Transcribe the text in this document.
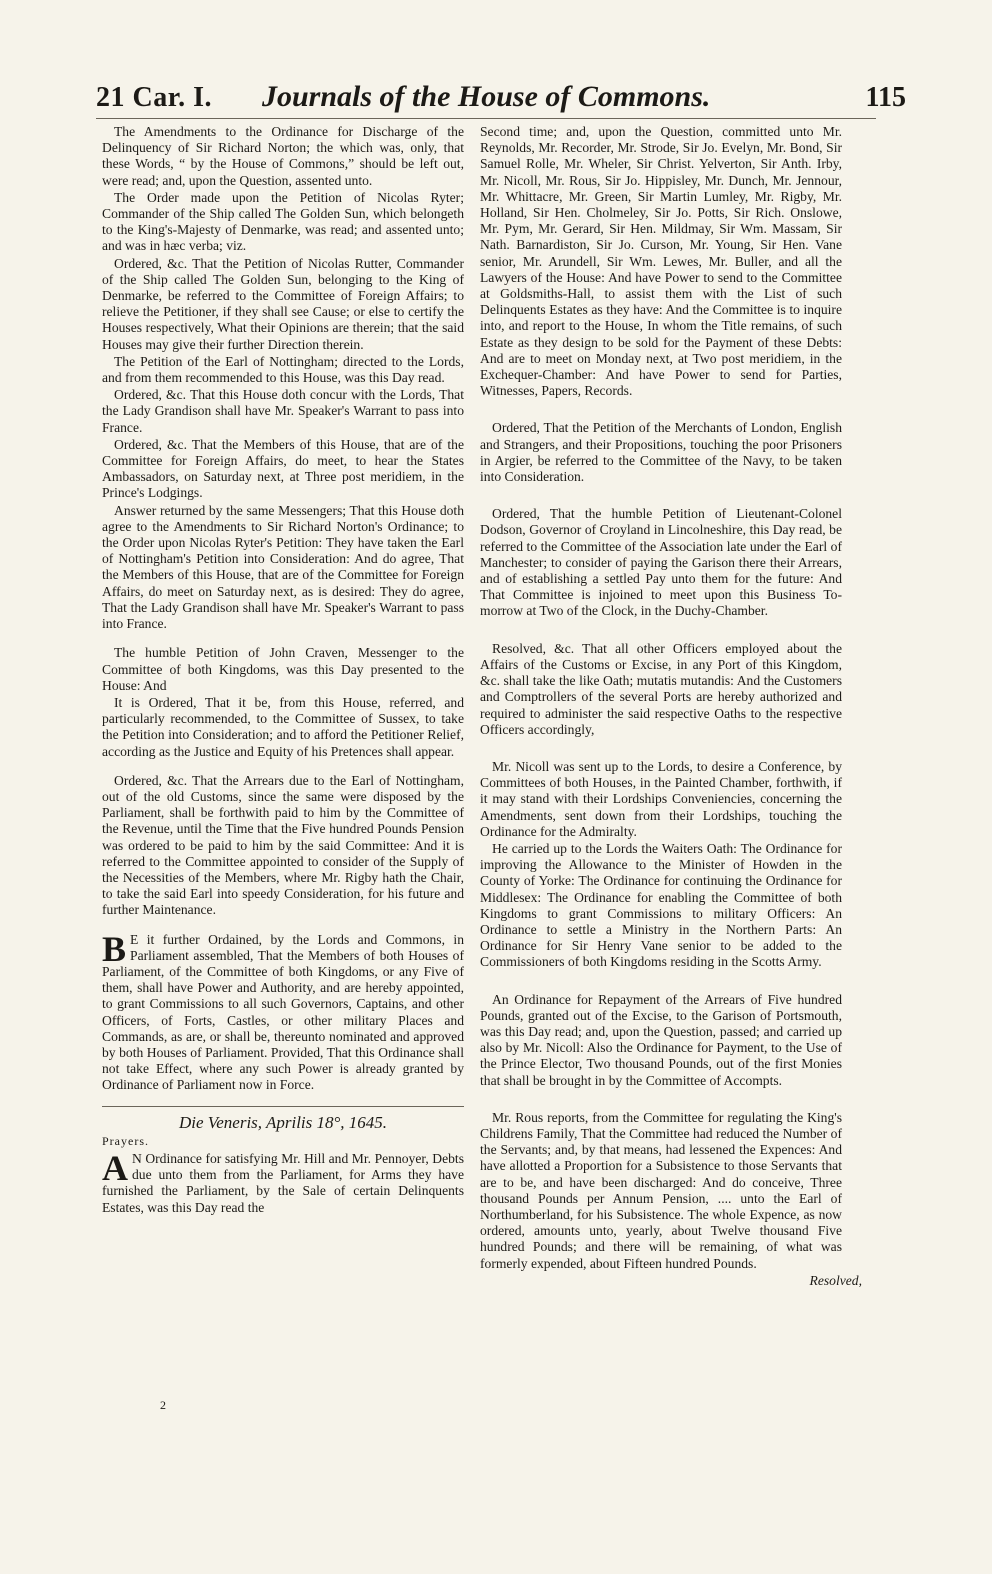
21 Car. I. Journals of the House of Commons.	115

The Amendments to the Ordinance for Discharge of the Delinquency of Sir Richard Norton; the which was, only, that these Words, “ by the House of Commons,” should be left out, were read; and, upon the Question, assented unto.

The Order made upon the Petition of Nicolas Ryter; Commander of the Ship called The Golden Sun, which belongeth to the King's-Majesty of Denmarke, was read; and assented unto; and was in hæc verba; viz.

Ordered, &c. That the Petition of Nicolas Rutter, Commander of the Ship called The Golden Sun, belonging to the King of Denmarke, be referred to the Committee of Foreign Affairs; to relieve the Petitioner, if they shall see Cause; or else to certify the Houses respectively, What their Opinions are therein; that the said Houses may give their further Direction therein.

The Petition of the Earl of Nottingham; directed to the Lords, and from them recommended to this House, was this Day read.

Ordered, &c. That this House doth concur with the Lords, That the Lady Grandison shall have Mr. Speaker's Warrant to pass into France.

Ordered, &c. That the Members of this House, that are of the Committee for Foreign Affairs, do meet, to hear the States Ambassadors, on Saturday next, at Three post meridiem, in the Prince's Lodgings.

Answer returned by the same Messengers; That this House doth agree to the Amendments to Sir Richard Norton's Ordinance; to the Order upon Nicolas Ryter's Petition: They have taken the Earl of Nottingham's Petition into Consideration: And do agree, That the Members of this House, that are of the Committee for Foreign Affairs, do meet on Saturday next, as is desired: They do agree, That the Lady Grandison shall have Mr. Speaker's Warrant to pass into France.

The humble Petition of John Craven, Messenger to the Committee of both Kingdoms, was this Day presented to the House: And

It is Ordered, That it be, from this House, referred, and particularly recommended, to the Committee of Sussex, to take the Petition into Consideration; and to afford the Petitioner Relief, according as the Justice and Equity of his Pretences shall appear.

Ordered, &c. That the Arrears due to the Earl of Nottingham, out of the old Customs, since the same were disposed by the Parliament, shall be forthwith paid to him by the Committee of the Revenue, until the Time that the Five hundred Pounds Pension was ordered to be paid to him by the said Committee: And it is referred to the Committee appointed to consider of the Supply of the Necessities of the Members, where Mr. Rigby hath the Chair, to take the said Earl into speedy Consideration, for his future and further Maintenance.

B E it further Ordained, by the Lords and Commons, in Parliament assembled, That the Members of both Houses of Parliament, of the Committee of both Kingdoms, or any Five of them, shall have Power and Authority, and are hereby appointed, to grant Commissions to all such Governors, Captains, and other Officers, of Forts, Castles, or other military Places and Commands, as are, or shall be, thereunto nominated and approved by both Houses of Parliament. Provided, That this Ordinance shall not take Effect, where any such Power is already granted by Ordinance of Parliament now in Force.

Die Veneris, Aprilis 18°, 1645.
Prayers.

A N Ordinance for satisfying Mr. Hill and Mr. Pennoyer, Debts due unto them from the Parliament, for Arms they have furnished the Parliament, by the Sale of certain Delinquents Estates, was this Day read the

2

Second time; and, upon the Question, committed unto Mr. Reynolds, Mr. Recorder, Mr. Strode, Sir Jo. Evelyn, Mr. Bond, Sir Samuel Rolle, Mr. Wheler, Sir Christ. Yelverton, Sir Anth. Irby, Mr. Nicoll, Mr. Rous, Sir Jo. Hippisley, Mr. Dunch, Mr. Jennour, Mr. Whittacre, Mr. Green, Sir Martin Lumley, Mr. Rigby, Mr. Holland, Sir Hen. Cholmeley, Sir Jo. Potts, Sir Rich. Onslowe, Mr. Pym, Mr. Gerard, Sir Hen. Mildmay, Sir Wm. Massam, Sir Nath. Barnardiston, Sir Jo. Curson, Mr. Young, Sir Hen. Vane senior, Mr. Arundell, Sir Wm. Lewes, Mr. Buller, and all the Lawyers of the House: And have Power to send to the Committee at Goldsmiths-Hall, to assist them with the List of such Delinquents Estates as they have: And the Committee is to inquire into, and report to the House, In whom the Title remains, of such Estate as they design to be sold for the Payment of these Debts: And are to meet on Monday next, at Two post meridiem, in the Exchequer-Chamber: And have Power to send for Parties, Witnesses, Papers, Records.

Ordered, That the Petition of the Merchants of London, English and Strangers, and their Propositions, touching the poor Prisoners in Argier, be referred to the Committee of the Navy, to be taken into Consideration.

Ordered, That the humble Petition of Lieutenant-Colonel Dodson, Governor of Croyland in Lincolneshire, this Day read, be referred to the Committee of the Association late under the Earl of Manchester; to consider of paying the Garison there their Arrears, and of establishing a settled Pay unto them for the future: And That Committee is injoined to meet upon this Business To-morrow at Two of the Clock, in the Duchy-Chamber.

Resolved, &c. That all other Officers employed about the Affairs of the Customs or Excise, in any Port of this Kingdom, &c. shall take the like Oath; mutatis mutandis: And the Customers and Comptrollers of the several Ports are hereby authorized and required to administer the said respective Oaths to the respective Officers accordingly,

Mr. Nicoll was sent up to the Lords, to desire a Conference, by Committees of both Houses, in the Painted Chamber, forthwith, if it may stand with their Lordships Conveniencies, concerning the Amendments, sent down from their Lordships, touching the Ordinance for the Admiralty.

He carried up to the Lords the Waiters Oath: The Ordinance for improving the Allowance to the Minister of Howden in the County of Yorke: The Ordinance for continuing the Ordinance for Middlesex: The Ordinance for enabling the Committee of both Kingdoms to grant Commissions to military Officers: An Ordinance to settle a Ministry in the Northern Parts: An Ordinance for Sir Henry Vane senior to be added to the Commissioners of both Kingdoms residing in the Scotts Army.

An Ordinance for Repayment of the Arrears of Five hundred Pounds, granted out of the Excise, to the Garison of Portsmouth, was this Day read; and, upon the Question, passed; and carried up also by Mr. Nicoll: Also the Ordinance for Payment, to the Use of the Prince Elector, Two thousand Pounds, out of the first Monies that shall be brought in by the Committee of Accompts.

Mr. Rous reports, from the Committee for regulating the King's Childrens Family, That the Committee had reduced the Number of the Servants; and, by that means, had lessened the Expences: And have allotted a Proportion for a Subsistence to those Servants that are to be, and have been discharged: And do conceive, Three thousand Pounds per Annum Pension, .... unto the Earl of Northumberland, for his Subsistence. The whole Expence, as now ordered, amounts unto, yearly, about Twelve thousand Five hundred Pounds; and there will be remaining, of what was formerly expended, about Fifteen hundred Pounds.

Resolved,
